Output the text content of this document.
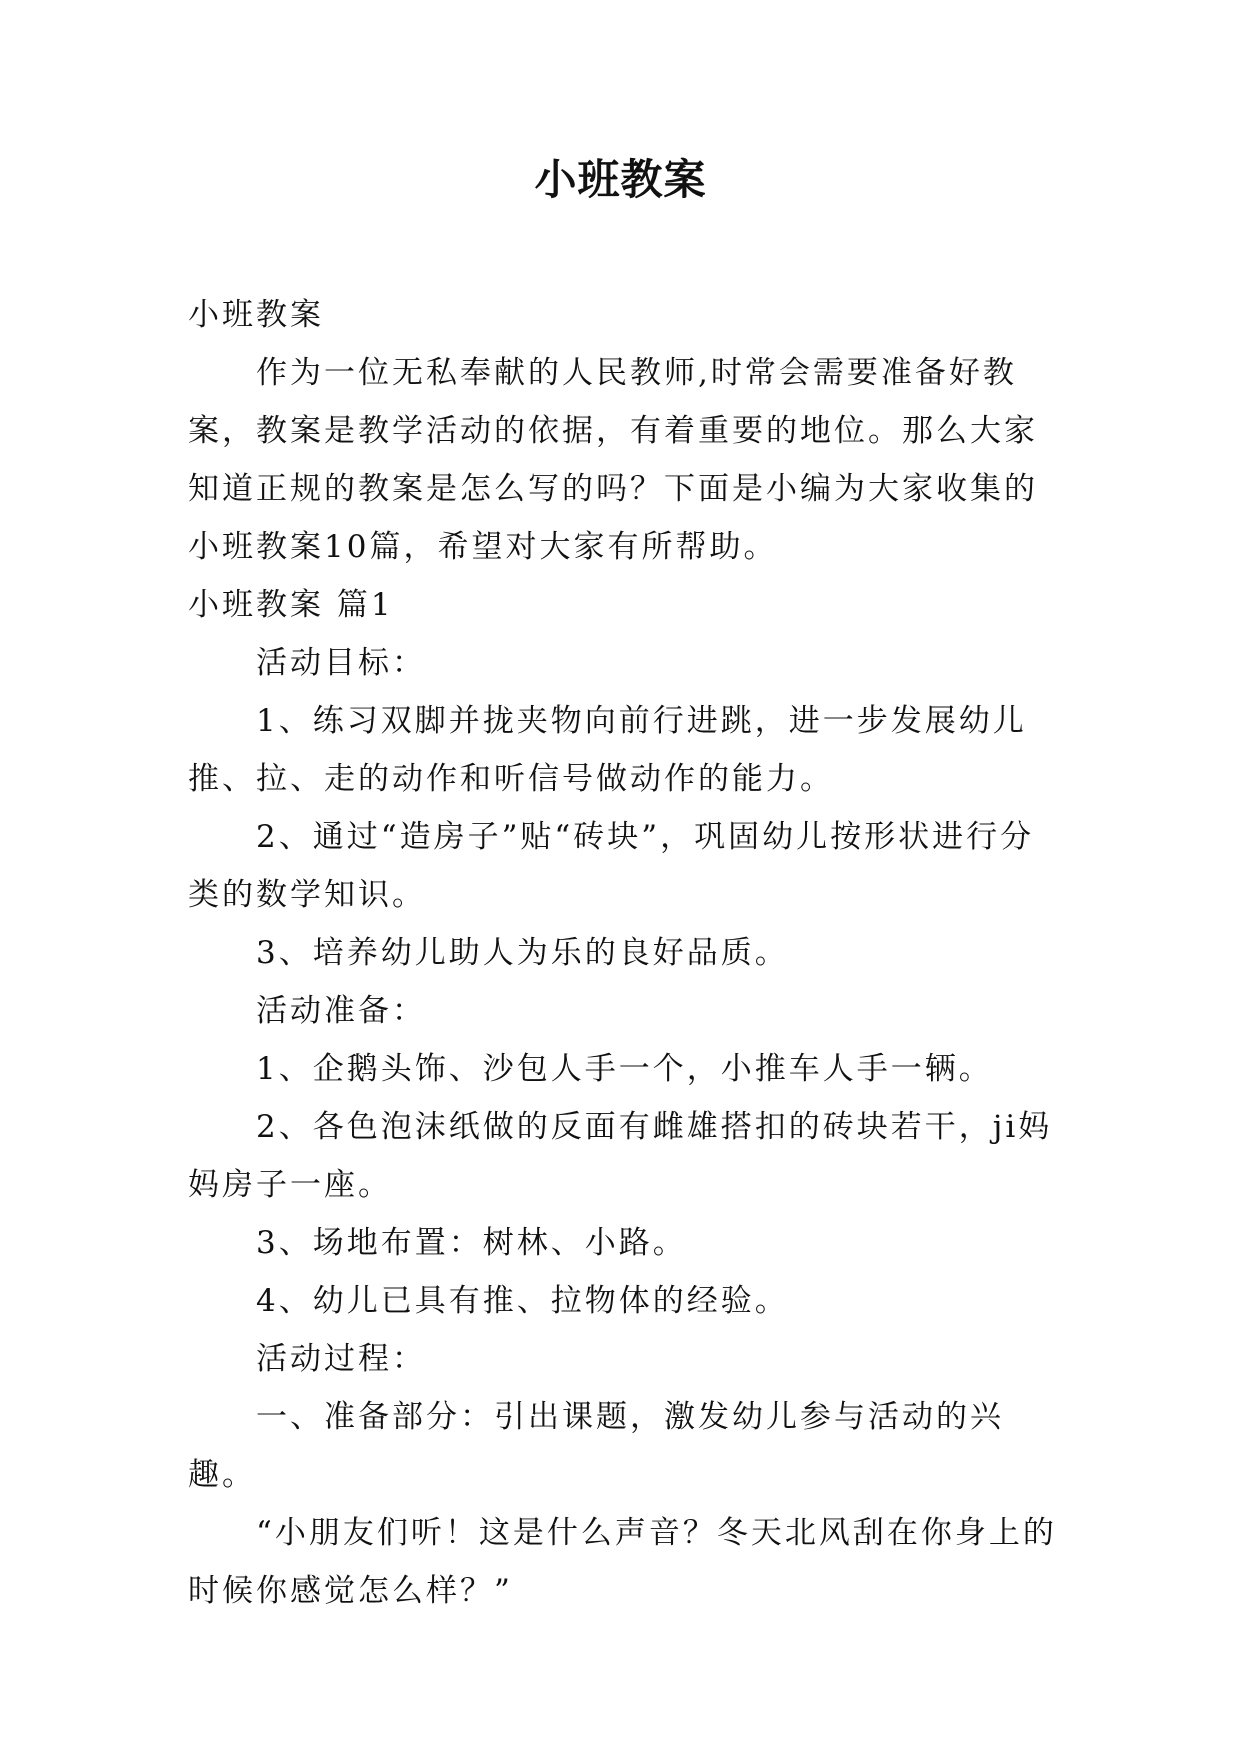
小班教案

小班教案

作为一位无私奉献的人民教师,时常会需要准备好教案，教案是教学活动的依据，有着重要的地位。那么大家知道正规的教案是怎么写的吗？下面是小编为大家收集的小班教案10篇，希望对大家有所帮助。

小班教案 篇1

活动目标：

1、练习双脚并拢夹物向前行进跳，进一步发展幼儿推、拉、走的动作和听信号做动作的能力。

2、通过“造房子”贴“砖块”，巩固幼儿按形状进行分类的数学知识。

3、培养幼儿助人为乐的良好品质。

活动准备：

1、企鹅头饰、沙包人手一个，小推车人手一辆。

2、各色泡沫纸做的反面有雌雄搭扣的砖块若干，ji妈妈房子一座。

3、场地布置：树林、小路。

4、幼儿已具有推、拉物体的经验。

活动过程：

一、准备部分：引出课题，激发幼儿参与活动的兴趣。

“小朋友们听！这是什么声音？冬天北风刮在你身上的时候你感觉怎么样？”
